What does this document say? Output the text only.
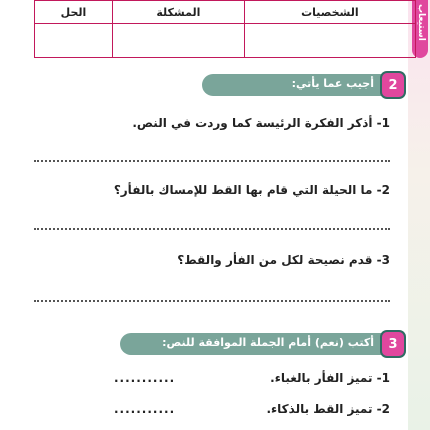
استيعاب
الشخصيات	المشكلة	الحل

2
أجيب عما يأتي:
1- أذكر الفكرة الرئيسة كما وردت في النص.
2- ما الحيلة التي قام بها القط للإمساك بالفأر؟
3- قدم نصيحة لكل من الفأر والقط؟
3
أكتب (نعم) أمام الجملة الموافقة للنص:
1- تميز الفأر بالغباء.
...........
2- تميز القط بالذكاء.
...........
